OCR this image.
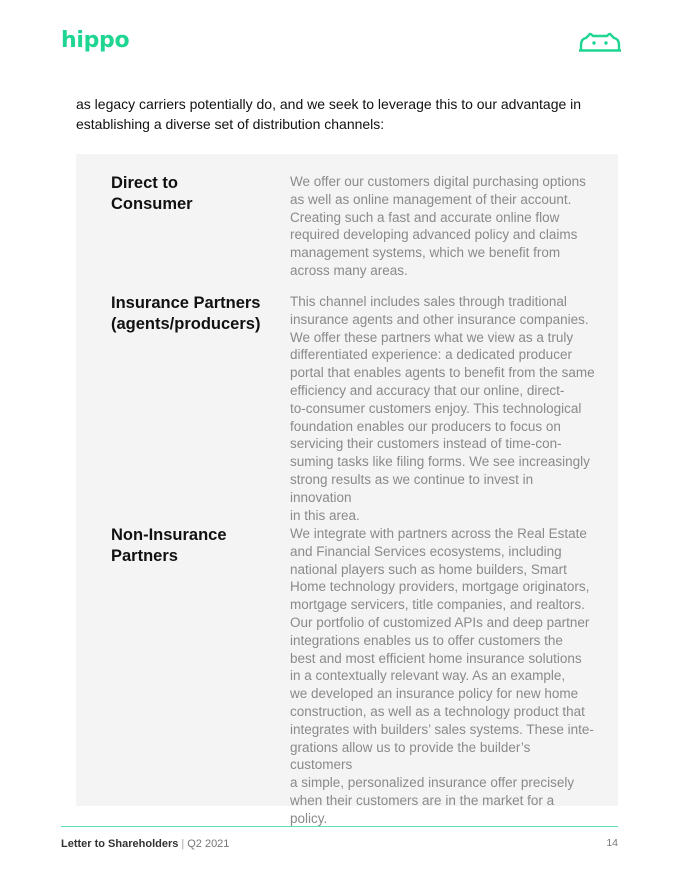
hippo

as legacy carriers potentially do, and we seek to leverage this to our advantage in establishing a diverse set of distribution channels:

Direct to
Consumer

We offer our customers digital purchasing options
as well as online management of their account.
Creating such a fast and accurate online flow
required developing advanced policy and claims
management systems, which we benefit from
across many areas.

Insurance Partners
(agents/producers)

This channel includes sales through traditional
insurance agents and other insurance companies.
We offer these partners what we view as a truly
differentiated experience: a dedicated producer
portal that enables agents to benefit from the same
efficiency and accuracy that our online, direct-
to-consumer customers enjoy. This technological
foundation enables our producers to focus on
servicing their customers instead of time-con-
suming tasks like filing forms. We see increasingly
strong results as we continue to invest in innovation
in this area.

Non-Insurance
Partners

We integrate with partners across the Real Estate
and Financial Services ecosystems, including
national players such as home builders, Smart
Home technology providers, mortgage originators,
mortgage servicers, title companies, and realtors.
Our portfolio of customized APIs and deep partner
integrations enables us to offer customers the
best and most efficient home insurance solutions
in a contextually relevant way. As an example,
we developed an insurance policy for new home
construction, as well as a technology product that
integrates with builders’ sales systems. These inte-
grations allow us to provide the builder’s customers
a simple, personalized insurance offer precisely
when their customers are in the market for a policy.

Letter to Shareholders | Q2 2021	14
